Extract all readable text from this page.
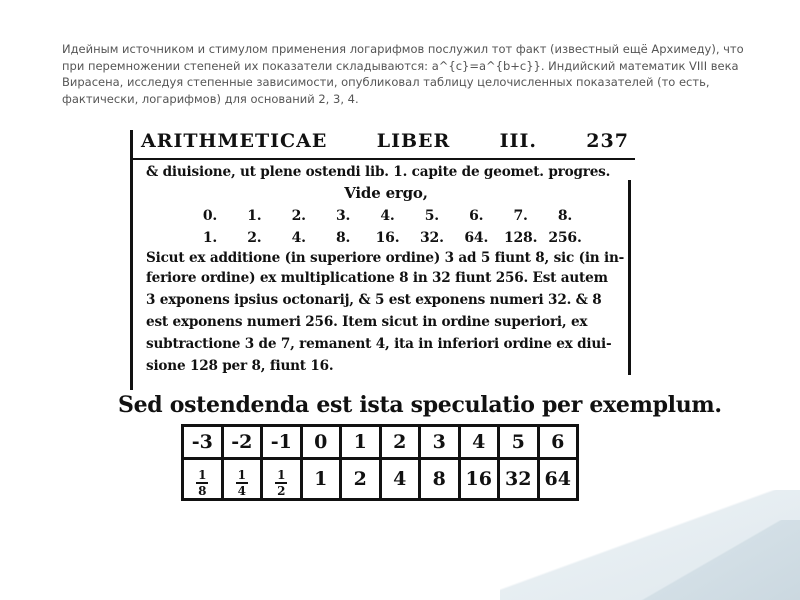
Идейным источником и стимулом применения логарифмов послужил тот факт (известный ещё Архимеду), что при перемножении степеней их показатели складываются: a^{c}=a^{b+c}}. Индийский математик VIII века Вирасена, исследуя степенные зависимости, опубликовал таблицу целочисленных показателей (то есть, фактически, логарифмов) для оснований 2, 3, 4.

ARITHMETICAE	LIBER	III.	237
& diuisione, ut plene ostendi lib. 1. capite de geomet. progres.
Vide ergo,
0.	1.	2.	3.	4.	5.	6.	7.	8.
1.	2.	4.	8.	16.	32.	64.	128. 256.
Sicut ex additione (in superiore ordine) 3 ad 5 fiunt 8, sic (in in-
feriore ordine) ex multiplicatione 8 in 32 fiunt 256. Est autem
3 exponens ipsius octonarij, & 5 est exponens numeri 32. & 8
est exponens numeri 256. Item sicut in ordine superiori, ex
subtractione 3 de 7, remanent 4, ita in inferiori ordine ex diui-
sione 128 per 8, fiunt 16.
Sed ostendenda est ista speculatio per exemplum.
-3	-2	-1	0	1	2	3	4	5	6

$\frac{1}{8}$	$\frac{1}{4}$	$\frac{1}{2}$	1	2	4	8	16	32	64
